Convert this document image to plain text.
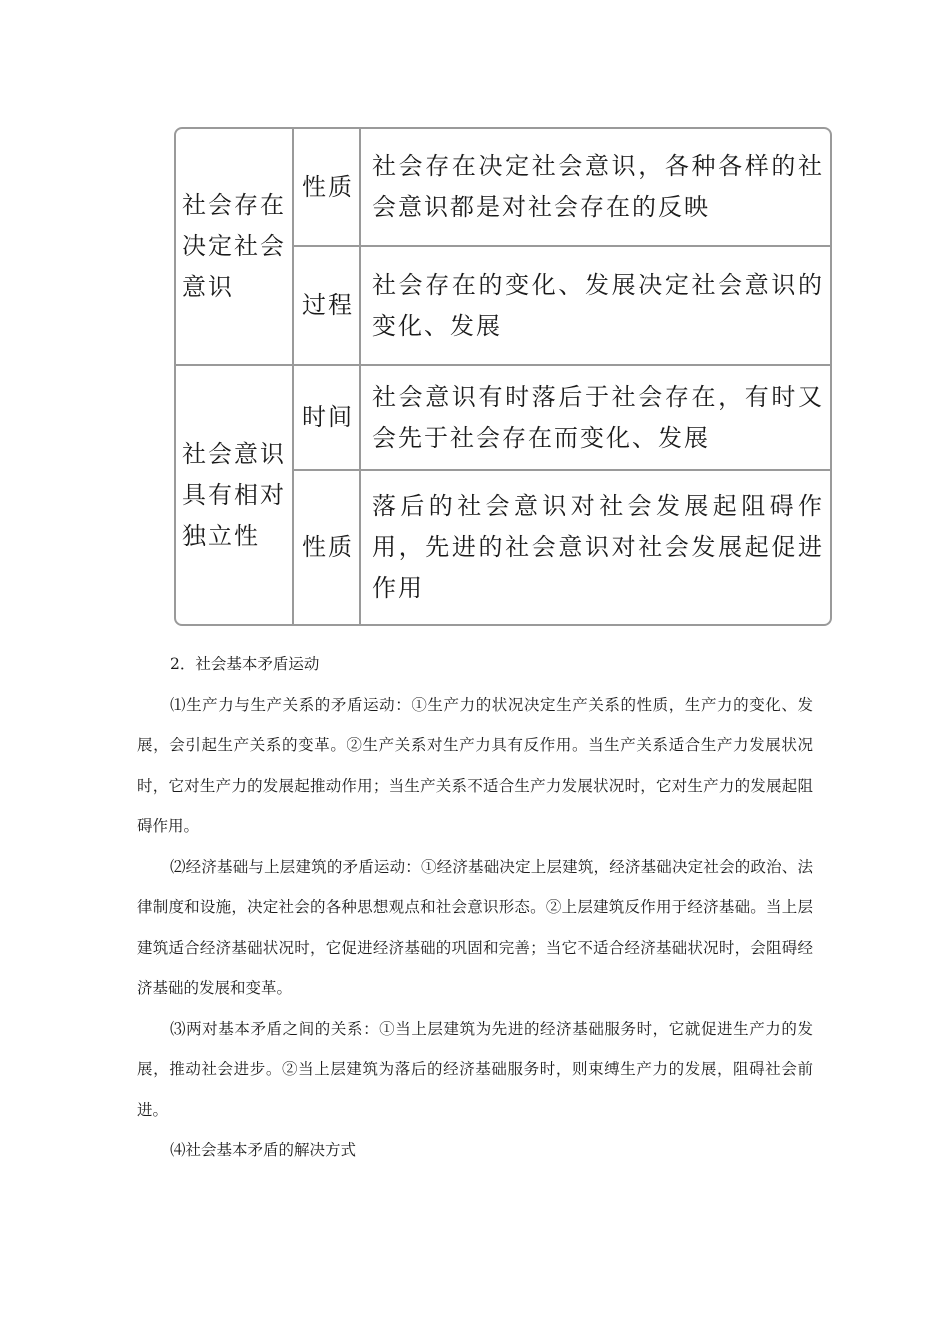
社会存在决定社会意识
性质
社会存在决定社会意识，各种各样的社会意识都是对社会存在的反映
过程
社会存在的变化、发展决定社会意识的变化、发展
社会意识具有相对独立性
时间
社会意识有时落后于社会存在，有时又会先于社会存在而变化、发展
性质
落后的社会意识对社会发展起阻碍作用，先进的社会意识对社会发展起促进作用

2．社会基本矛盾运动

⑴生产力与生产关系的矛盾运动：①生产力的状况决定生产关系的性质，生产力的变化、发展，会引起生产关系的变革。②生产关系对生产力具有反作用。当生产关系适合生产力发展状况时，它对生产力的发展起推动作用；当生产关系不适合生产力发展状况时，它对生产力的发展起阻碍作用。

⑵经济基础与上层建筑的矛盾运动：①经济基础决定上层建筑，经济基础决定社会的政治、法律制度和设施，决定社会的各种思想观点和社会意识形态。②上层建筑反作用于经济基础。当上层建筑适合经济基础状况时，它促进经济基础的巩固和完善；当它不适合经济基础状况时，会阻碍经济基础的发展和变革。

⑶两对基本矛盾之间的关系：①当上层建筑为先进的经济基础服务时，它就促进生产力的发展，推动社会进步。②当上层建筑为落后的经济基础服务时，则束缚生产力的发展，阻碍社会前进。

⑷社会基本矛盾的解决方式
